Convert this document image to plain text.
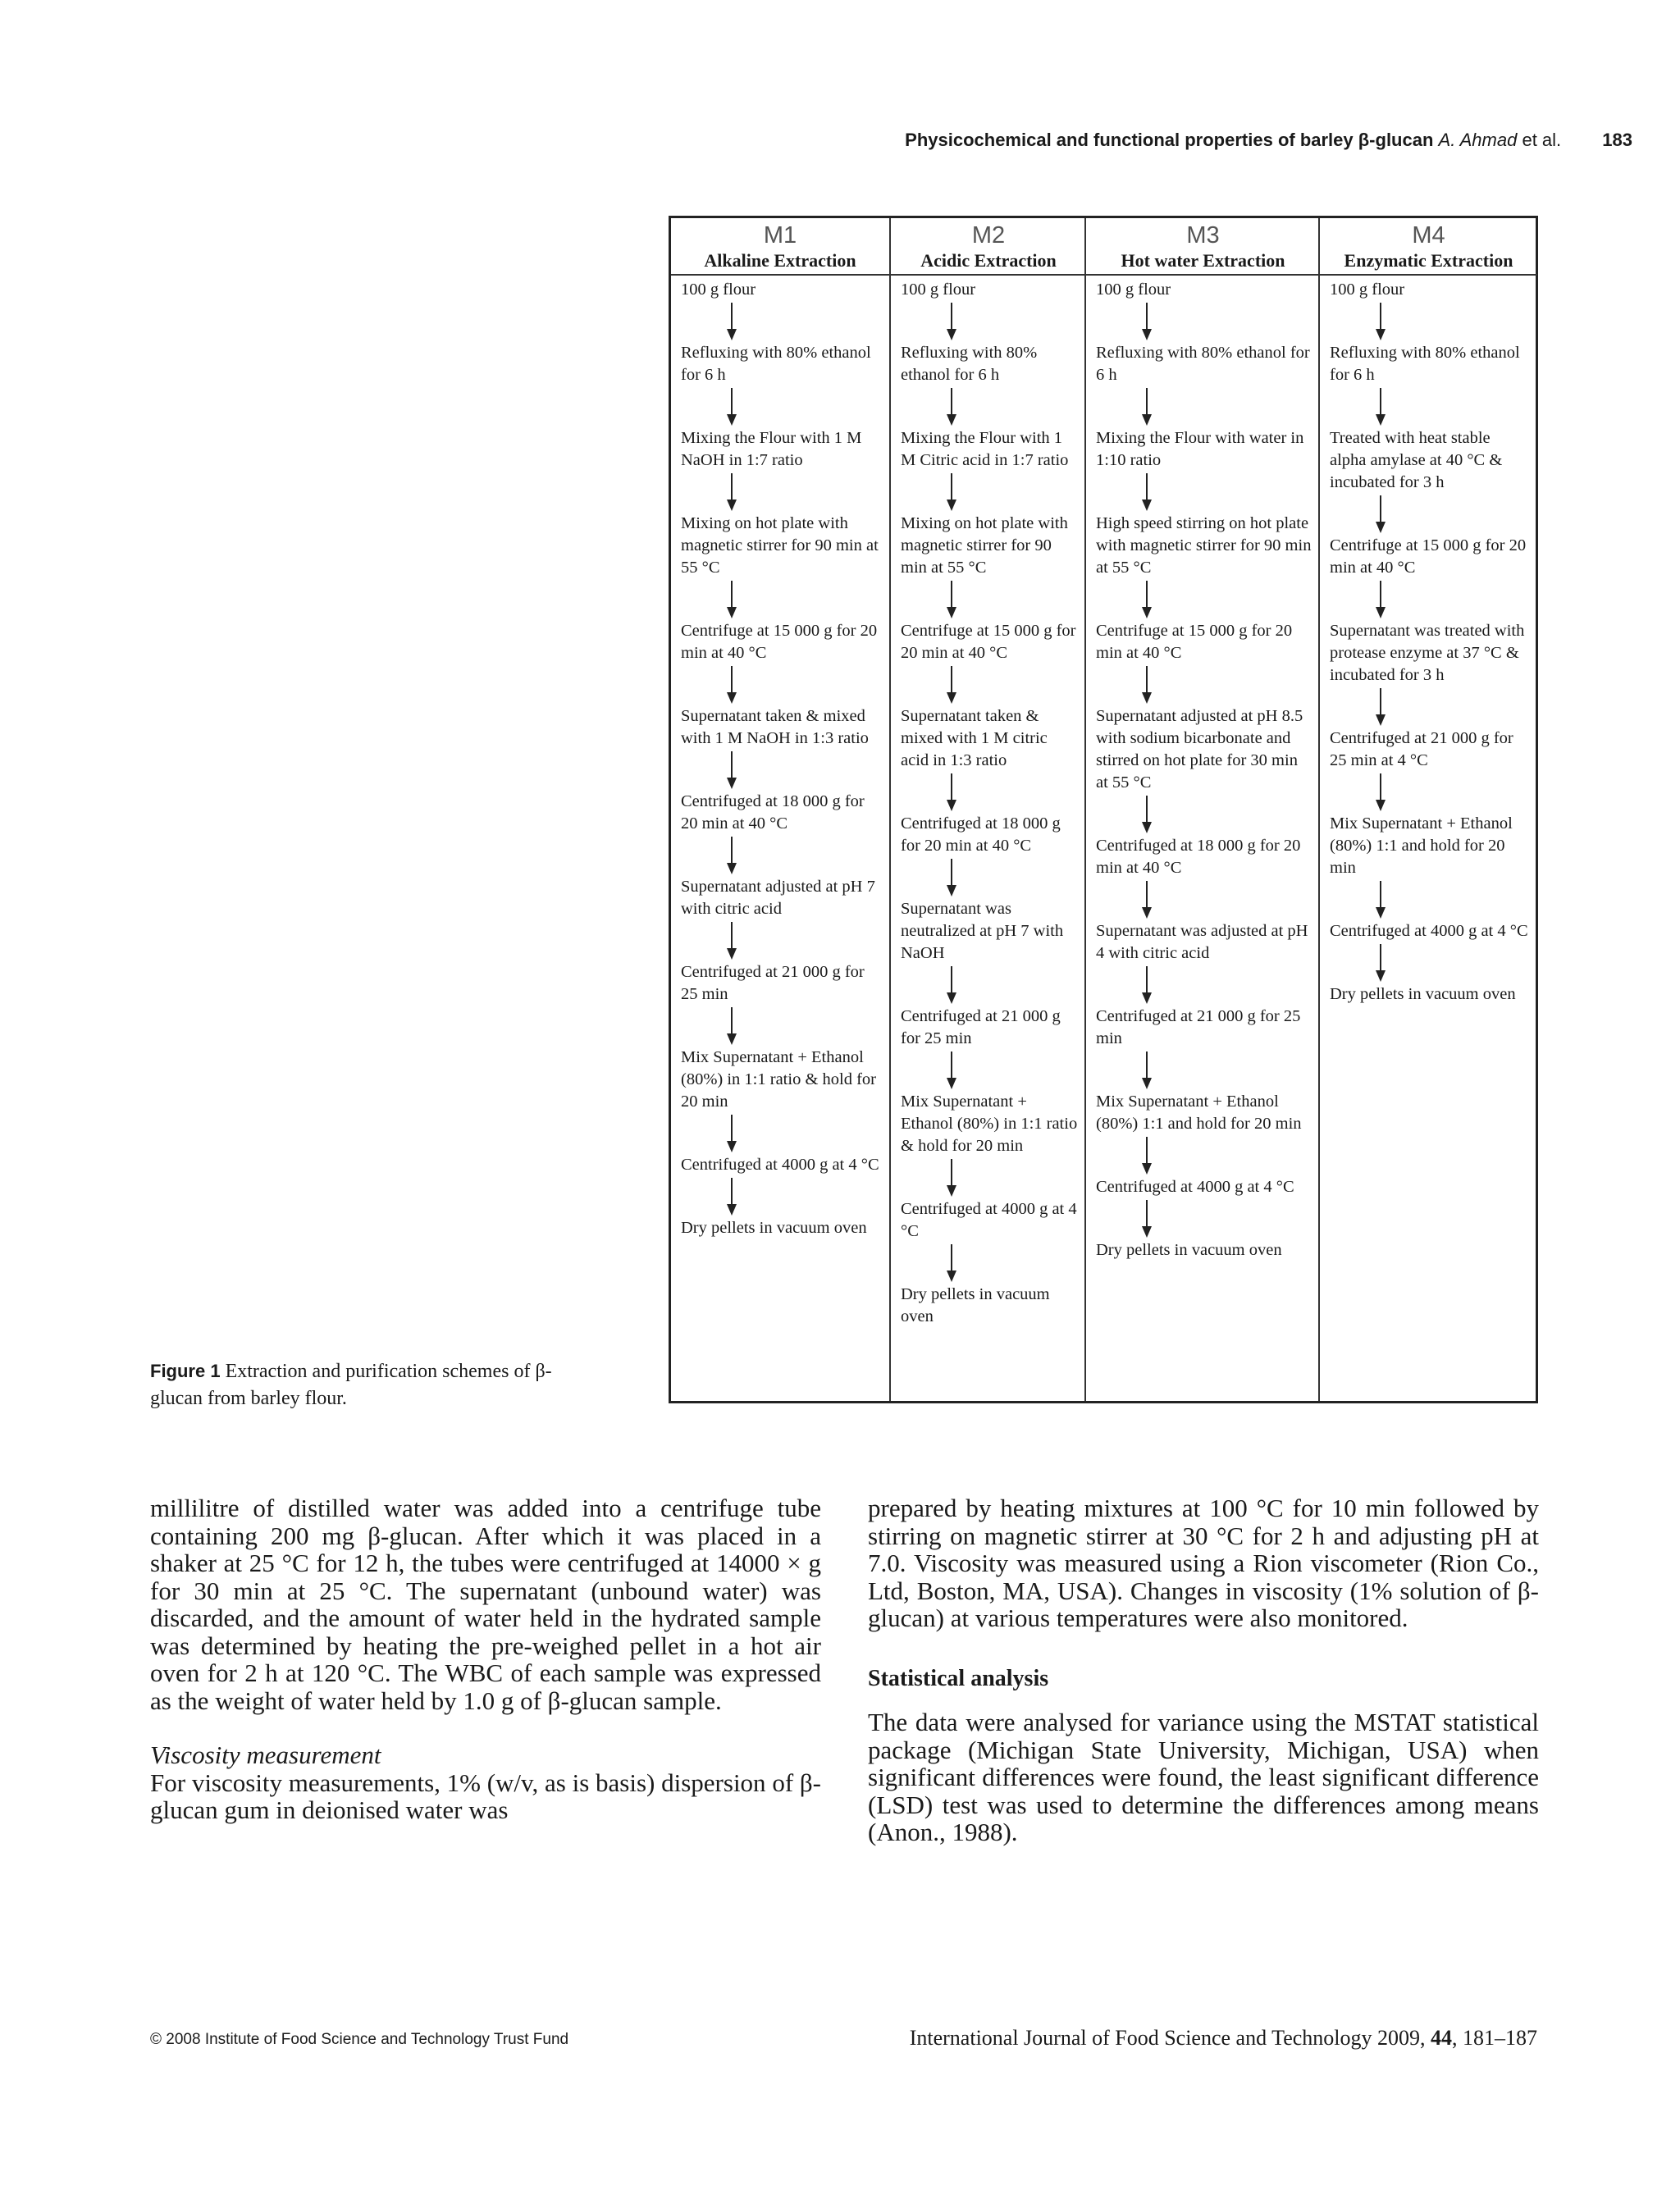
Physicochemical and functional properties of barley β-glucan A. Ahmad et al. 183
M1
Alkaline Extraction
100 g flour
Refluxing with 80% ethanol for 6 h
Mixing the Flour with 1 M NaOH in 1:7 ratio
Mixing on hot plate with magnetic stirrer for 90 min at 55 °C
Centrifuge at 15 000 g for 20 min at 40 °C
Supernatant taken & mixed with 1 M NaOH in 1:3 ratio
Centrifuged at 18 000 g for 20 min at 40 °C
Supernatant adjusted at pH 7 with citric acid
Centrifuged at 21 000 g for 25 min
Mix Supernatant + Ethanol (80%) in 1:1 ratio & hold for 20 min
Centrifuged at 4000 g at 4 °C
Dry pellets in vacuum oven
M2
Acidic Extraction
100 g flour
Refluxing with 80% ethanol for 6 h
Mixing the Flour with 1 M Citric acid in 1:7 ratio
Mixing on hot plate with magnetic stirrer for 90 min at 55 °C
Centrifuge at 15 000 g for 20 min at 40 °C
Supernatant taken & mixed with 1 M citric acid in 1:3 ratio
Centrifuged at 18 000 g for 20 min at 40 °C
Supernatant was neutralized at pH 7 with NaOH
Centrifuged at 21 000 g for 25 min
Mix Supernatant + Ethanol (80%) in 1:1 ratio & hold for 20 min
Centrifuged at 4000 g at 4 °C
Dry pellets in vacuum oven
M3
Hot water Extraction
100 g flour
Refluxing with 80% ethanol for 6 h
Mixing the Flour with water in 1:10 ratio
High speed stirring on hot plate with magnetic stirrer for 90 min at 55 °C
Centrifuge at 15 000 g for 20 min at 40 °C
Supernatant adjusted at pH 8.5 with sodium bicarbonate and stirred on hot plate for 30 min at 55 °C
Centrifuged at 18 000 g for 20 min at 40 °C
Supernatant was adjusted at pH 4 with citric acid
Centrifuged at 21 000 g for 25 min
Mix Supernatant + Ethanol (80%) 1:1 and hold for 20 min
Centrifuged at 4000 g at 4 °C
Dry pellets in vacuum oven
M4
Enzymatic Extraction
100 g flour
Refluxing with 80% ethanol for 6 h
Treated with heat stable alpha amylase at 40 °C & incubated for 3 h
Centrifuge at 15 000 g for 20 min at 40 °C
Supernatant was treated with protease enzyme at 37 °C & incubated for 3 h
Centrifuged at 21 000 g for 25 min at 4 °C
Mix Supernatant + Ethanol (80%) 1:1 and hold for 20 min
Centrifuged at 4000 g at 4 °C
Dry pellets in vacuum oven
Figure 1 Extraction and purification schemes of β-glucan from barley flour.

millilitre of distilled water was added into a centrifuge tube containing 200 mg β-glucan. After which it was placed in a shaker at 25 °C for 12 h, the tubes were centrifuged at 14000 × g for 30 min at 25 °C. The supernatant (unbound water) was discarded, and the amount of water held in the hydrated sample was determined by heating the pre-weighed pellet in a hot air oven for 2 h at 120 °C. The WBC of each sample was expressed as the weight of water held by 1.0 g of β-glucan sample.

Viscosity measurement

For viscosity measurements, 1% (w/v, as is basis) dispersion of β-glucan gum in deionised water was

prepared by heating mixtures at 100 °C for 10 min followed by stirring on magnetic stirrer at 30 °C for 2 h and adjusting pH at 7.0. Viscosity was measured using a Rion viscometer (Rion Co., Ltd, Boston, MA, USA). Changes in viscosity (1% solution of β-glucan) at various temperatures were also monitored.

Statistical analysis

The data were analysed for variance using the MSTAT statistical package (Michigan State University, Michigan, USA) when significant differences were found, the least significant difference (LSD) test was used to determine the differences among means (Anon., 1988).

© 2008 Institute of Food Science and Technology Trust Fund	International Journal of Food Science and Technology 2009, 44, 181–187
